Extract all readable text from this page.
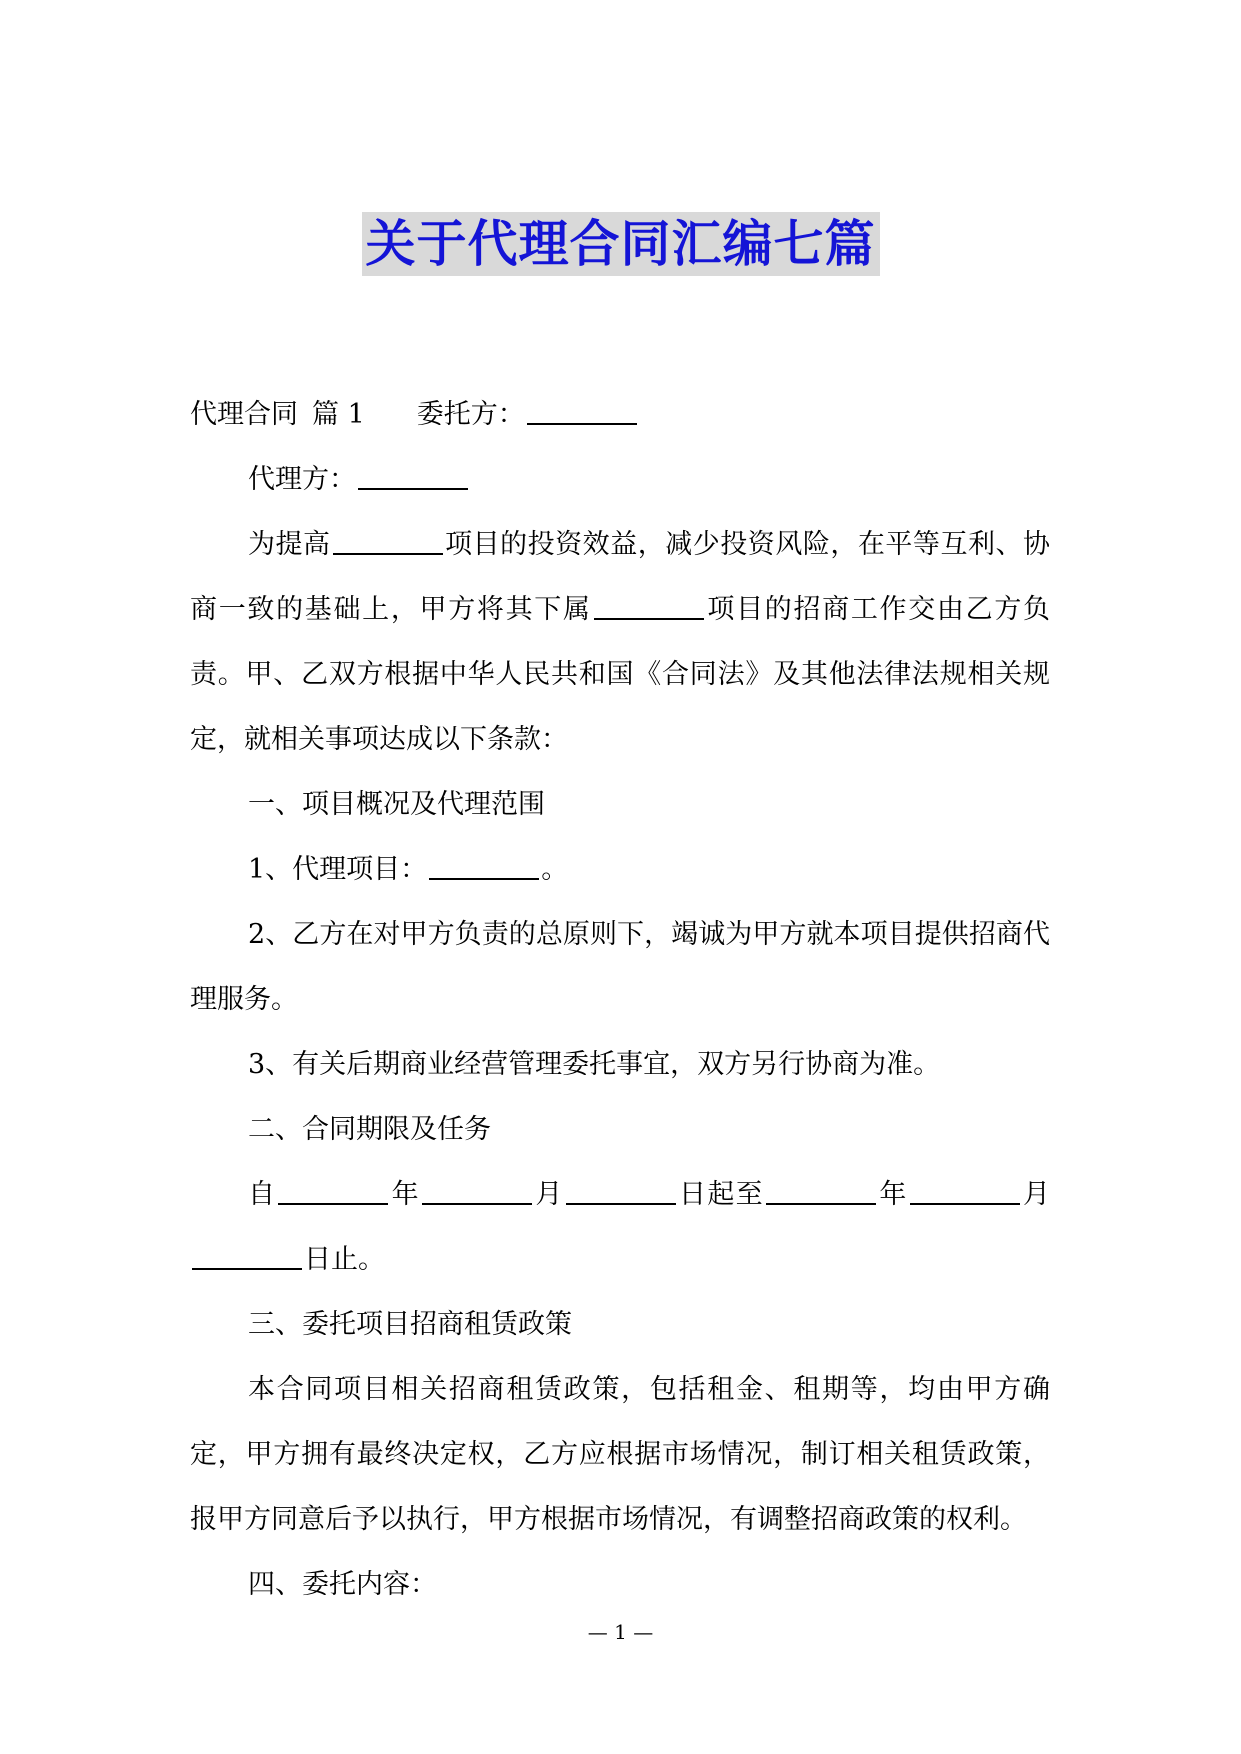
关于代理合同汇编七篇

代理合同 篇 1 委托方：

代理方：

为提高	项目的投资效益，减少投资风险，在平等互利、协商一致的基础上，甲方将其下属	项目的招商工作交由乙方负责。甲、乙双方根据中华人民共和国《合同法》及其他法律法规相关规定，就相关事项达成以下条款：

一、项目概况及代理范围

1、代理项目：	。

2、乙方在对甲方负责的总原则下，竭诚为甲方就本项目提供招商代理服务。

3、有关后期商业经营管理委托事宜，双方另行协商为准。

二、合同期限及任务

自	年	月	日起至	年	月日止。

三、委托项目招商租赁政策

本合同项目相关招商租赁政策，包括租金、租期等，均由甲方确定，甲方拥有最终决定权，乙方应根据市场情况，制订相关租赁政策，报甲方同意后予以执行，甲方根据市场情况，有调整招商政策的权利。

四、委托内容：

— 1 —
